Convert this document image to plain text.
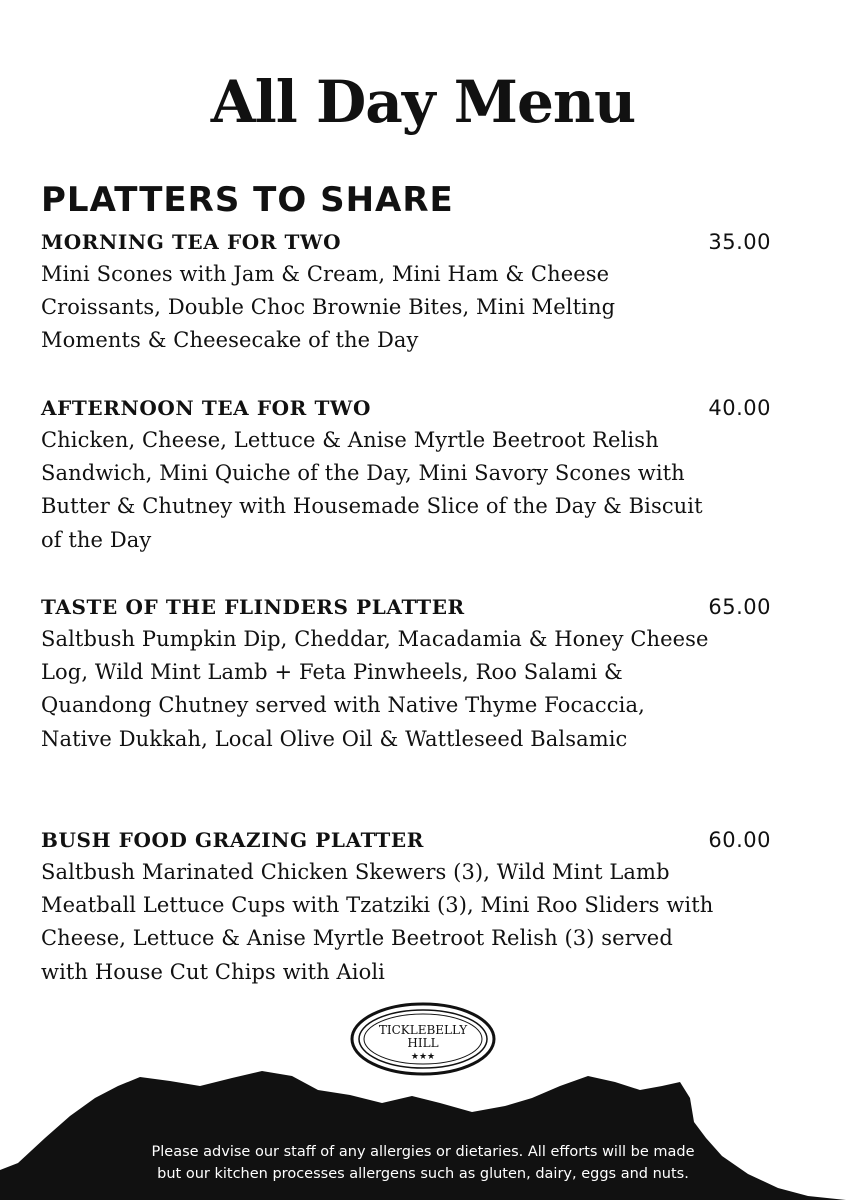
All Day Menu
PLATTERS TO SHARE
MORNING TEA FOR TWO	35.00

Mini Scones with Jam & Cream, Mini Ham & Cheese Croissants, Double Choc Brownie Bites, Mini Melting Moments & Cheesecake of the Day

AFTERNOON TEA FOR TWO	40.00

Chicken, Cheese, Lettuce & Anise Myrtle Beetroot Relish Sandwich, Mini Quiche of the Day, Mini Savory Scones with Butter & Chutney with Housemade Slice of the Day & Biscuit of the Day

TASTE OF THE FLINDERS PLATTER	65.00

Saltbush Pumpkin Dip, Cheddar, Macadamia & Honey Cheese Log, Wild Mint Lamb + Feta Pinwheels, Roo Salami & Quandong Chutney served with Native Thyme Focaccia, Native Dukkah, Local Olive Oil & Wattleseed Balsamic

BUSH FOOD GRAZING PLATTER	60.00

Saltbush Marinated Chicken Skewers (3), Wild Mint Lamb Meatball Lettuce Cups with Tzatziki (3), Mini Roo Sliders with Cheese, Lettuce & Anise Myrtle Beetroot Relish (3) served with House Cut Chips with Aioli

TICKLEBELLY
HILL
★★★
Please advise our staff of any allergies or dietaries. All efforts will be made
but our kitchen processes allergens such as gluten, dairy, eggs and nuts.
